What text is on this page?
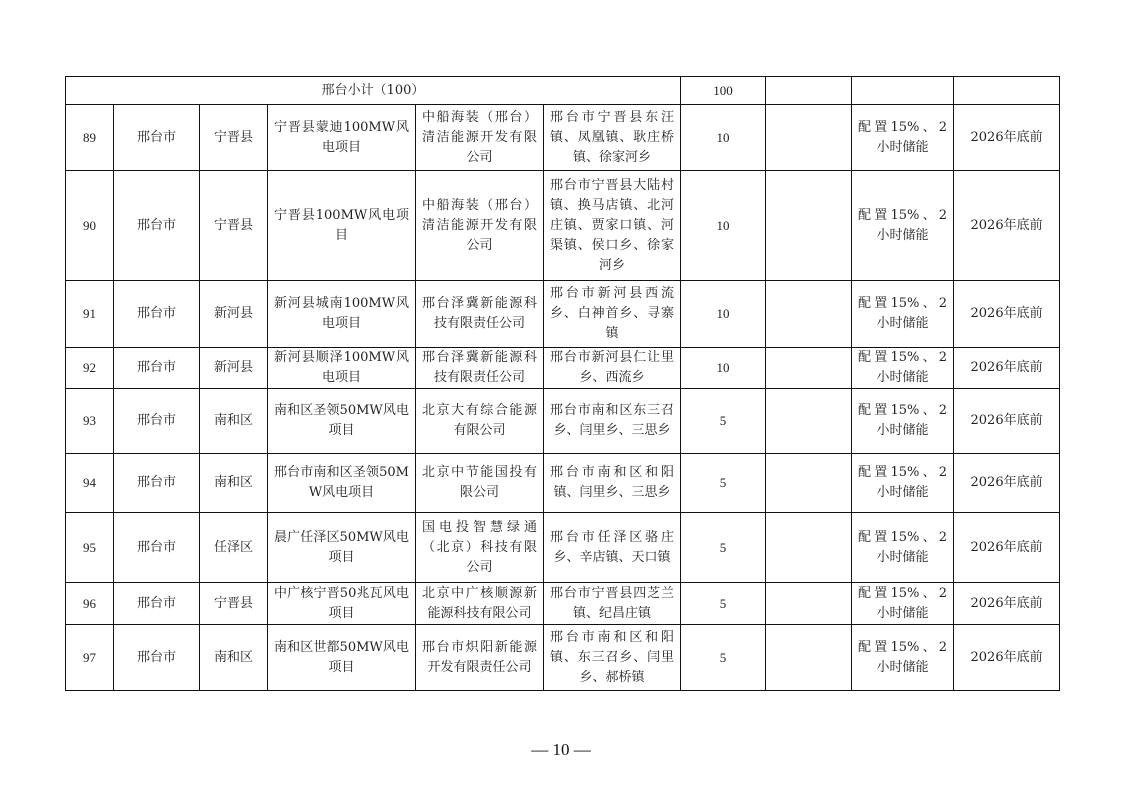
邢台小计（100）						100			
89	邢台市	宁晋县	宁晋县蒙迪100MW风电项目	中船海装（邢台）清洁能源开发有限公司	邢台市宁晋县东汪镇、凤凰镇、耿庄桥镇、徐家河乡	10		配置15%、2小时储能	2026年底前
90	邢台市	宁晋县	宁晋县100MW风电项目	中船海装（邢台）清洁能源开发有限公司	邢台市宁晋县大陆村镇、换马店镇、北河庄镇、贾家口镇、河渠镇、侯口乡、徐家河乡	10		配置15%、2小时储能	2026年底前
91	邢台市	新河县	新河县城南100MW风电项目	邢台泽冀新能源科技有限责任公司	邢台市新河县西流乡、白神首乡、寻寨镇	10		配置15%、2小时储能	2026年底前
92	邢台市	新河县	新河县顺泽100MW风电项目	邢台泽冀新能源科技有限责任公司	邢台市新河县仁让里乡、西流乡	10		配置15%、2小时储能	2026年底前
93	邢台市	南和区	南和区圣领50MW风电项目	北京大有综合能源有限公司	邢台市南和区东三召乡、闫里乡、三思乡	5		配置15%、2小时储能	2026年底前
94	邢台市	南和区	邢台市南和区圣领50MW风电项目	北京中节能国投有限公司	邢台市南和区和阳镇、闫里乡、三思乡	5		配置15%、2小时储能	2026年底前
95	邢台市	任泽区	晨广任泽区50MW风电项目	国电投智慧绿通（北京）科技有限公司	邢台市任泽区骆庄乡、辛店镇、天口镇	5		配置15%、2小时储能	2026年底前
96	邢台市	宁晋县	中广核宁晋50兆瓦风电项目	北京中广核顺源新能源科技有限公司	邢台市宁晋县四芝兰镇、纪昌庄镇	5		配置15%、2小时储能	2026年底前
97	邢台市	南和区	南和区世都50MW风电项目	邢台市炽阳新能源开发有限责任公司	邢台市南和区和阳镇、东三召乡、闫里乡、郝桥镇	5		配置15%、2小时储能	2026年底前
— 10 —
